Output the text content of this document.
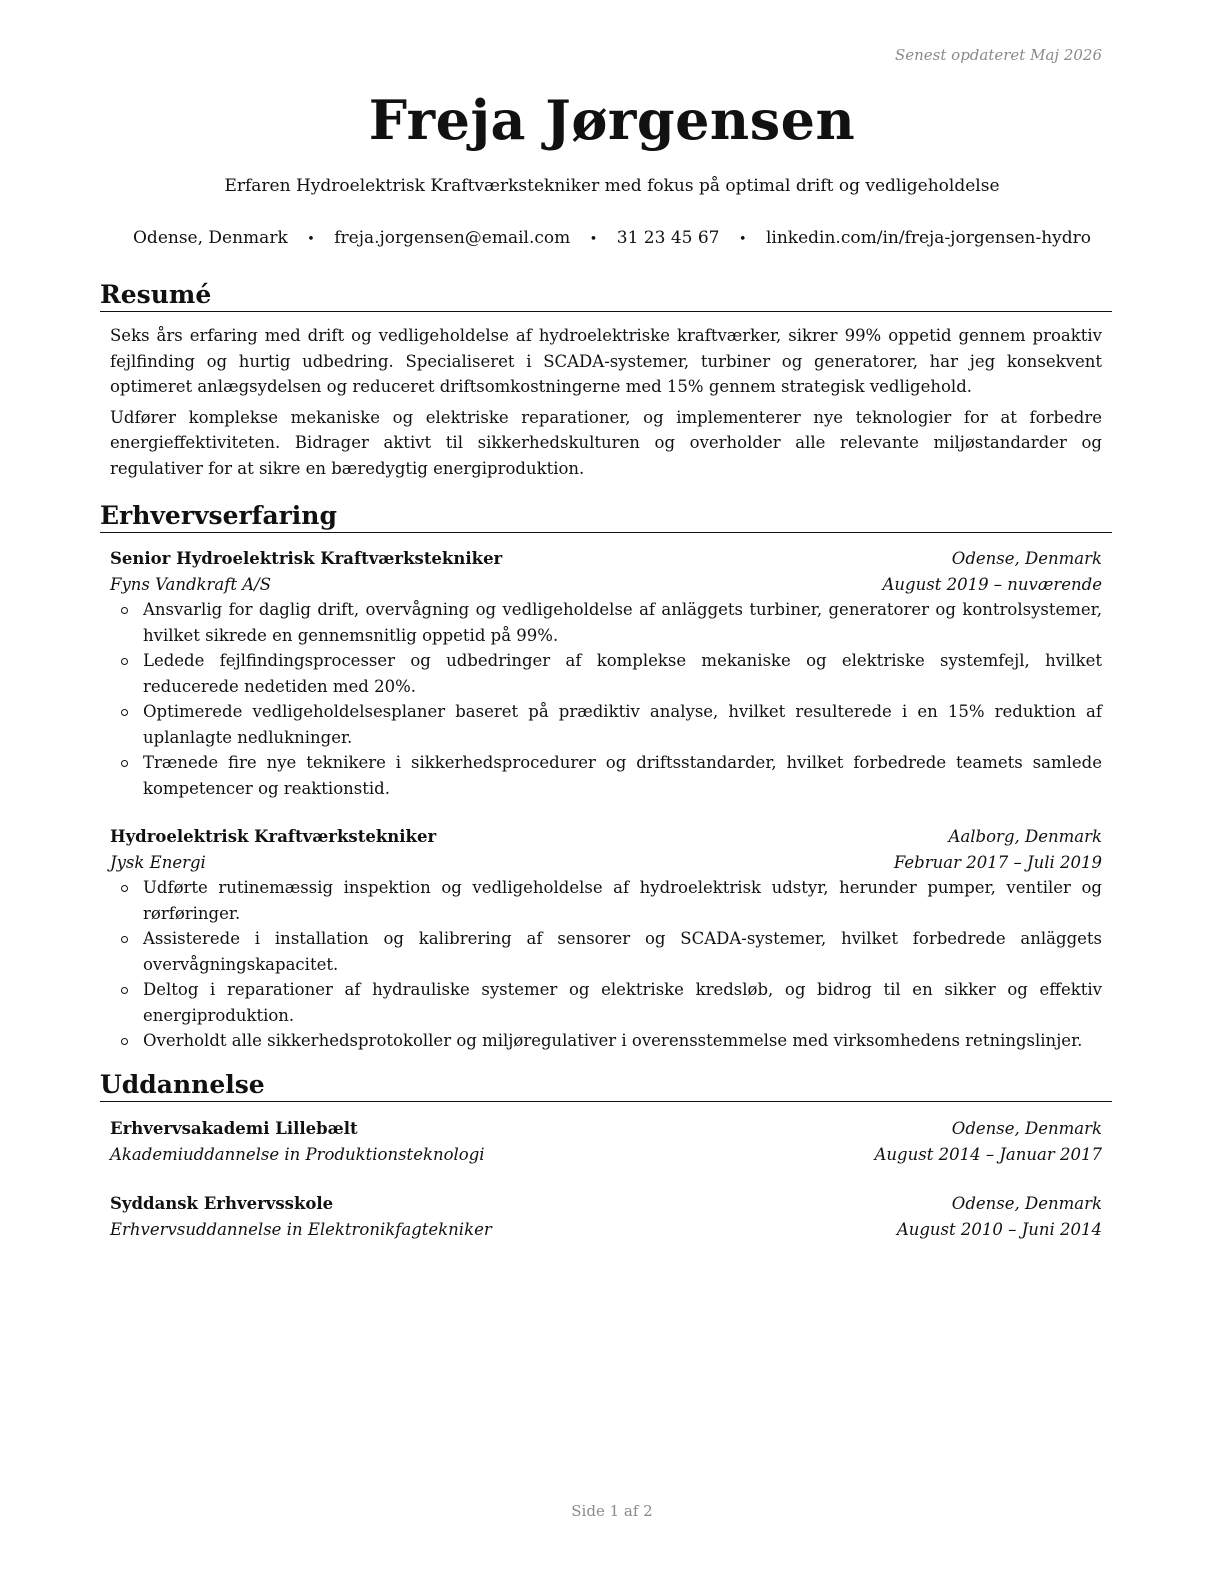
Senest opdateret Maj 2026
Freja Jørgensen
Erfaren Hydroelektrisk Kraftværkstekniker med fokus på optimal drift og vedligeholdelse
Odense, Denmark • freja.jorgensen@email.com • 31 23 45 67 • linkedin.com/in/freja-jorgensen-hydro
Resumé

Seks års erfaring med drift og vedligeholdelse af hydroelektriske kraftværker, sikrer 99% oppetid gennem proaktiv fejlfinding og hurtig udbedring. Specialiseret i SCADA-systemer, turbiner og generatorer, har jeg konsekvent optimeret anlægsydelsen og reduceret driftsomkostningerne med 15% gennem strategisk vedligehold.

Udfører komplekse mekaniske og elektriske reparationer, og implementerer nye teknologier for at forbedre energieffektiviteten. Bidrager aktivt til sikkerhedskulturen og overholder alle relevante miljøstandarder og regulativer for at sikre en bæredygtig energiproduktion.

Erhvervserfaring
Senior Hydroelektrisk Kraftværkstekniker	Odense, Denmark
Fyns Vandkraft A/S	August 2019 – nuværende
Ansvarlig for daglig drift, overvågning og vedligeholdelse af anläggets turbiner, generatorer og kontrolsystemer, hvilket sikrede en gennemsnitlig oppetid på 99%.
Ledede fejlfindingsprocesser og udbedringer af komplekse mekaniske og elektriske systemfejl, hvilket reducerede nedetiden med 20%.
Optimerede vedligeholdelsesplaner baseret på prædiktiv analyse, hvilket resulterede i en 15% reduktion af uplanlagte nedlukninger.
Trænede fire nye teknikere i sikkerhedsprocedurer og driftsstandarder, hvilket forbedrede teamets samlede kompetencer og reaktionstid.
Hydroelektrisk Kraftværkstekniker	Aalborg, Denmark
Jysk Energi	Februar 2017 – Juli 2019
Udførte rutinemæssig inspektion og vedligeholdelse af hydroelektrisk udstyr, herunder pumper, ventiler og rørføringer.
Assisterede i installation og kalibrering af sensorer og SCADA-systemer, hvilket forbedrede anläggets overvågningskapacitet.
Deltog i reparationer af hydrauliske systemer og elektriske kredsløb, og bidrog til en sikker og effektiv energiproduktion.
Overholdt alle sikkerhedsprotokoller og miljøregulativer i overensstemmelse med virksomhedens retningslinjer.
Uddannelse
Erhvervsakademi Lillebælt	Odense, Denmark
Akademiuddannelse in Produktionsteknologi	August 2014 – Januar 2017
Syddansk Erhvervsskole	Odense, Denmark
Erhvervsuddannelse in Elektronikfagtekniker	August 2010 – Juni 2014
Side 1 af 2
